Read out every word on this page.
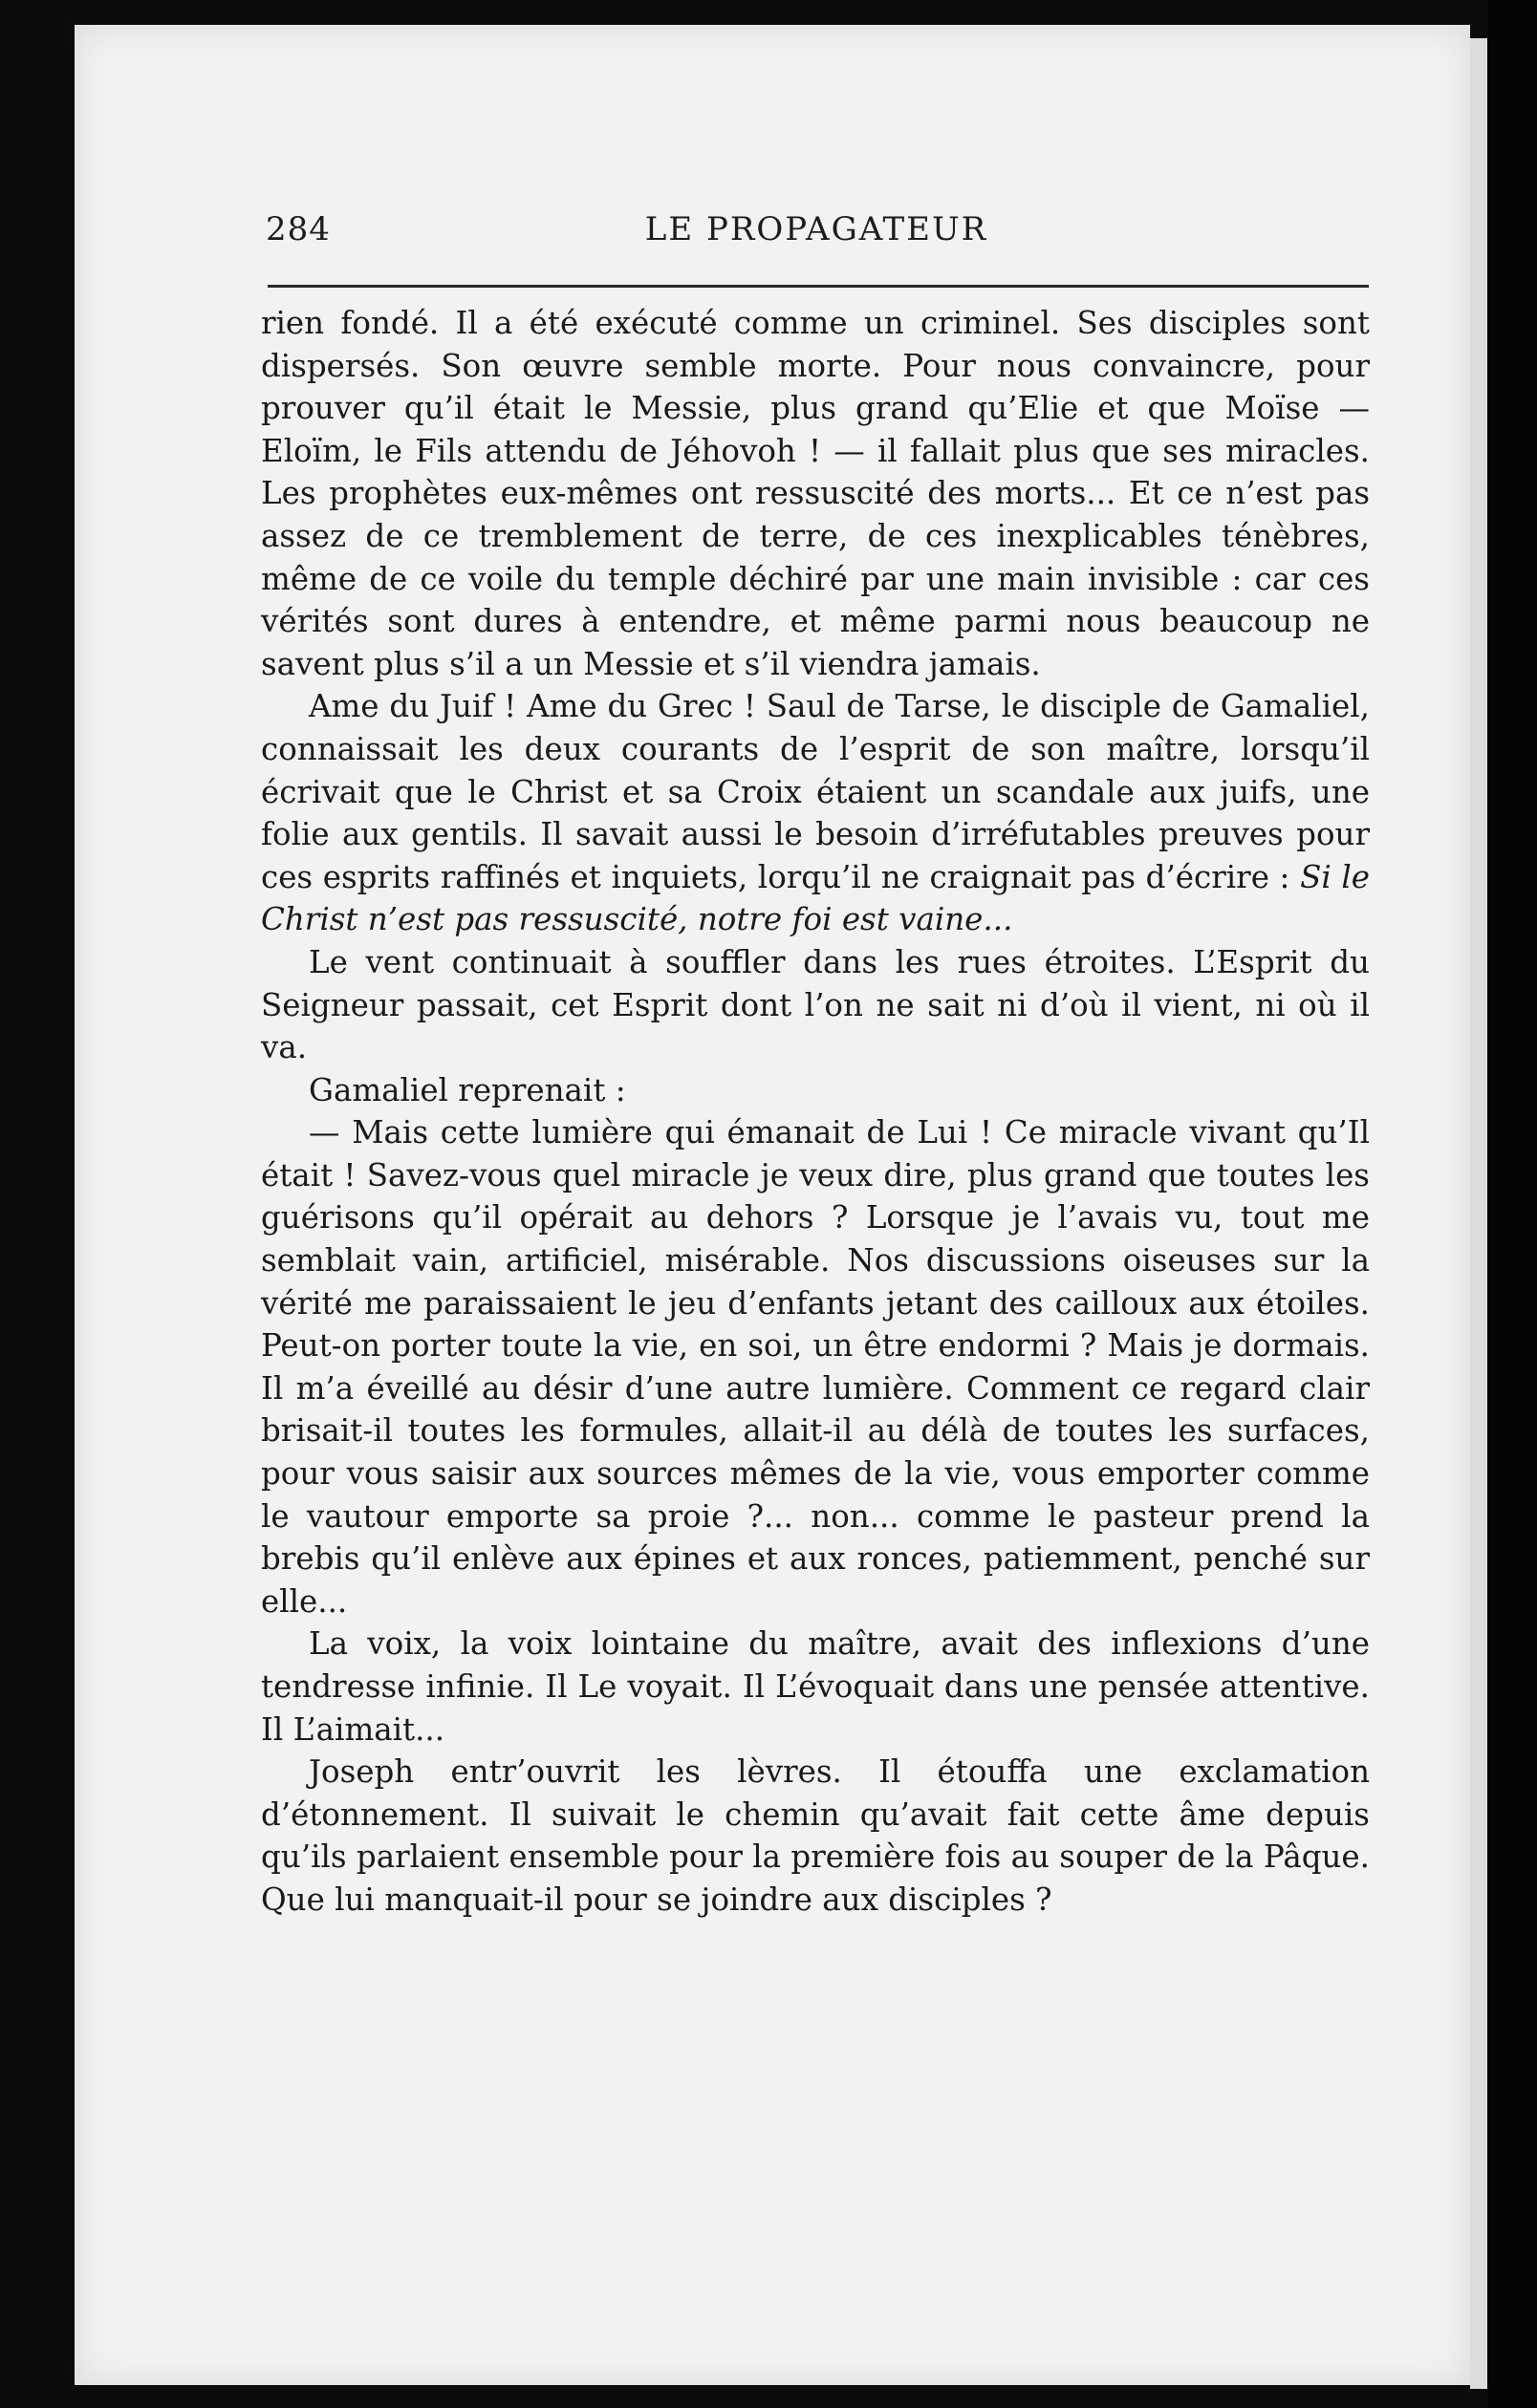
284	LE PROPAGATEUR

rien fondé. Il a été exécuté comme un criminel. Ses disciples sont dispersés. Son œuvre semble morte. Pour nous convaincre, pour prouver qu’il était le Messie, plus grand qu’Elie et que Moïse — Eloïm, le Fils attendu de Jéhovoh ! — il fallait plus que ses miracles. Les prophètes eux-mêmes ont ressuscité des morts... Et ce n’est pas assez de ce tremblement de terre, de ces inexplicables ténèbres, même de ce voile du temple déchiré par une main invisible : car ces vérités sont dures à entendre, et même parmi nous beaucoup ne savent plus s’il a un Messie et s’il viendra jamais.

Ame du Juif ! Ame du Grec ! Saul de Tarse, le disciple de Gamaliel, connaissait les deux courants de l’esprit de son maître, lorsqu’il écrivait que le Christ et sa Croix étaient un scandale aux juifs, une folie aux gentils. Il savait aussi le besoin d’irréfutables preuves pour ces esprits raffinés et inquiets, lorqu’il ne craignait pas d’écrire : Si le Christ n’est pas ressuscité, notre foi est vaine...

Le vent continuait à souffler dans les rues étroites. L’Esprit du Seigneur passait, cet Esprit dont l’on ne sait ni d’où il vient, ni où il va.

Gamaliel reprenait :

— Mais cette lumière qui émanait de Lui ! Ce miracle vivant qu’Il était ! Savez-vous quel miracle je veux dire, plus grand que toutes les guérisons qu’il opérait au dehors ? Lorsque je l’avais vu, tout me semblait vain, artificiel, misérable. Nos discussions oiseuses sur la vérité me paraissaient le jeu d’enfants jetant des cailloux aux étoiles. Peut-on porter toute la vie, en soi, un être endormi ? Mais je dormais. Il m’a éveillé au désir d’une autre lumière. Comment ce regard clair brisait-il toutes les formules, allait-il au délà de toutes les surfaces, pour vous saisir aux sources mêmes de la vie, vous emporter comme le vautour emporte sa proie ?... non... comme le pasteur prend la brebis qu’il enlève aux épines et aux ronces, patiemment, penché sur elle...

La voix, la voix lointaine du maître, avait des inflexions d’une tendresse infinie. Il Le voyait. Il L’évoquait dans une pensée attentive. Il L’aimait...

Joseph entr’ouvrit les lèvres. Il étouffa une exclamation d’étonnement. Il suivait le chemin qu’avait fait cette âme depuis qu’ils parlaient ensemble pour la première fois au souper de la Pâque. Que lui manquait-il pour se joindre aux disciples ?
